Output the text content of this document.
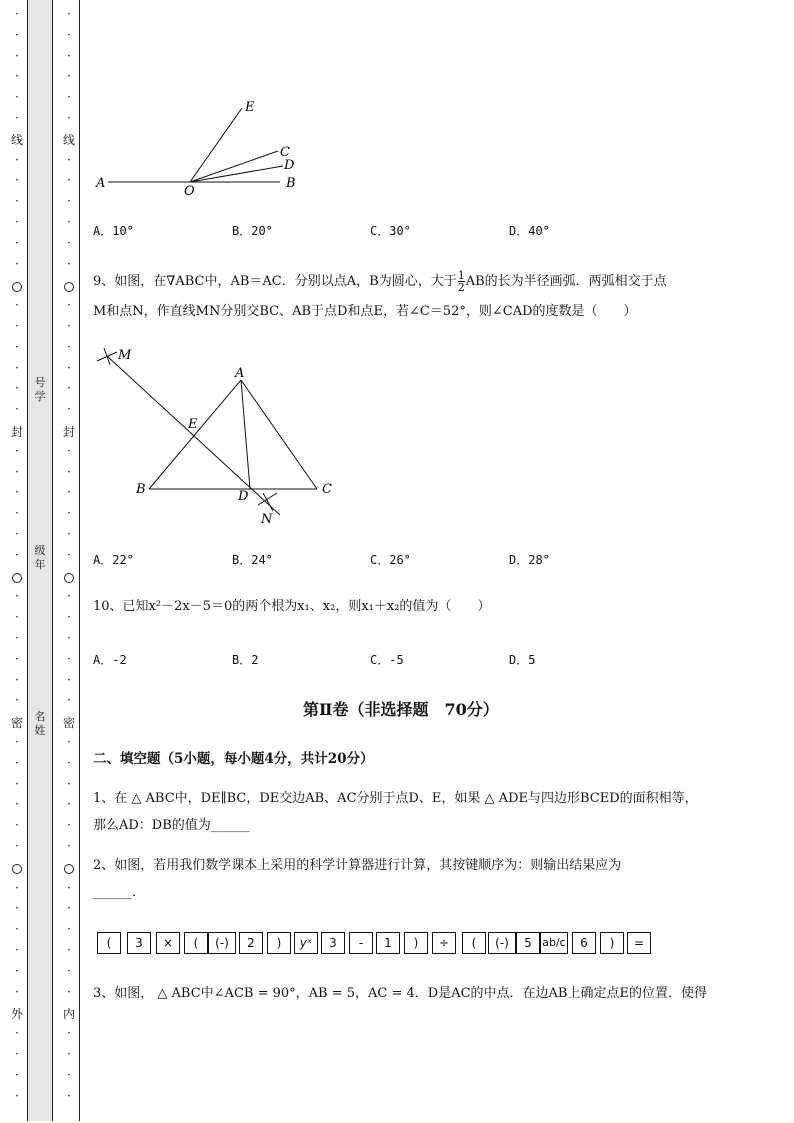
·
·
·
·
·
·
·
·
·
·
·
·
·
·
·
·
·
·
·
·
·
·
·
·
·
·
·
·
·
·
·
·
·
·
·
·
·
·
·
·
·
·
·
·
·
·
线
封
密
外
·
·
·
·
·
·
·
·
·
·
·
·
·
·
·
·
·
·
·
·
·
·
·
·
·
·
·
·
·
·
·
·
·
·
·
·
·
·
·
·
·
·
·
·
·
·
线
封
密
内
号学
级年
名姓
E
C
D
A
O
B
A．10°	B．20°	C．30°	D．40°
9、如图，在∇ABC中，AB＝AC．分别以点A，B为圆心，大于 $\frac{1}{2}$ AB的长为半径画弧．两弧相交于点
M和点N，作直线MN分别交BC、AB于点D和点E，若∠C＝52°，则∠CAD的度数是（　　）
M
A
E
B	D	C
N
A．22°	B．24°	C．26°	D．28°
10、已知x²－2x－5＝0的两个根为x₁、x₂，则x₁＋x₂的值为（　　）
A．-2	B．2	C．-5	D．5
第Ⅱ卷（非选择题　70分）
二、填空题（5小题，每小题4分，共计20分）
1、在 △ ABC中，DE∥BC，DE交边AB、AC分别于点D、E，如果 △ ADE与四边形BCED的面积相等，
那么AD：DB的值为______
2、如图，若用我们数学课本上采用的科学计算器进行计算，其按键顺序为：则输出结果应为
______．
(	3	×	(	(-)	2	)	yˣ	3	-	1	)	÷	(	(-)	5 ab/c	6	)	=
3、如图， △ ABC中∠ACB = 90°，AB = 5，AC = 4．D是AC的中点．在边AB上确定点E的位置．使得
